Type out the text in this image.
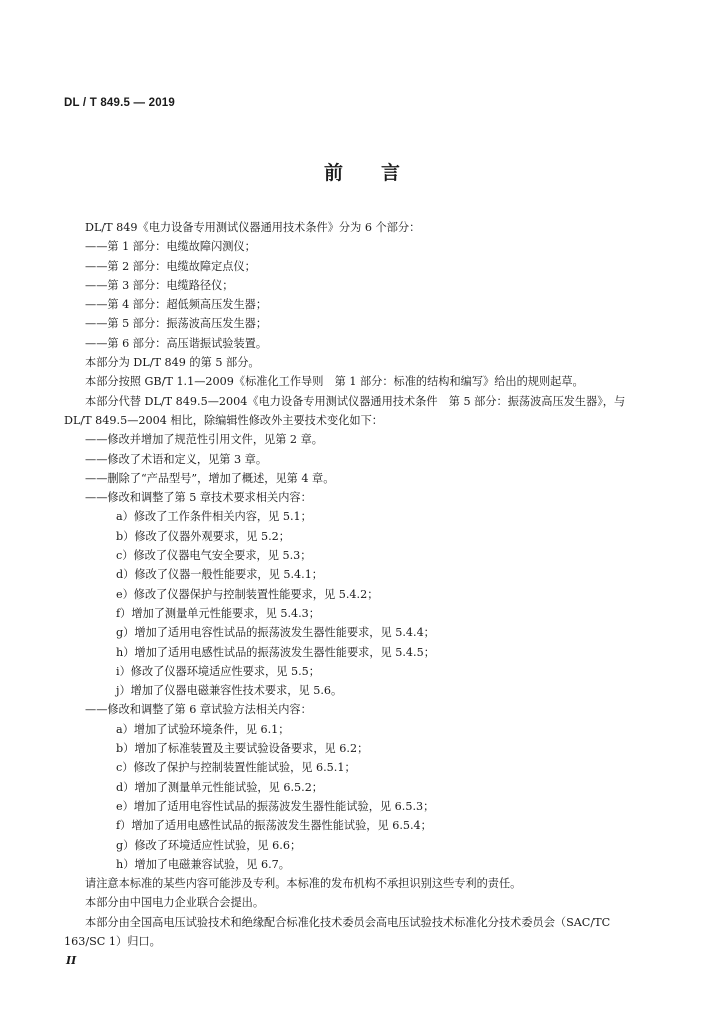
DL / T 849.5 — 2019
前 言
DL/T 849《电力设备专用测试仪器通用技术条件》分为 6 个部分：
——第 1 部分：电缆故障闪测仪；
——第 2 部分：电缆故障定点仪；
——第 3 部分：电缆路径仪；
——第 4 部分：超低频高压发生器；
——第 5 部分：振荡波高压发生器；
——第 6 部分：高压谐振试验装置。
本部分为 DL/T 849 的第 5 部分。
本部分按照 GB/T 1.1—2009《标准化工作导则　第 1 部分：标准的结构和编写》给出的规则起草。
本部分代替 DL/T 849.5—2004《电力设备专用测试仪器通用技术条件　第 5 部分：振荡波高压发生器》，与 DL/T 849.5—2004 相比，除编辑性修改外主要技术变化如下：
——修改并增加了规范性引用文件，见第 2 章。
——修改了术语和定义，见第 3 章。
——删除了“产品型号”，增加了概述，见第 4 章。
——修改和调整了第 5 章技术要求相关内容：
a）修改了工作条件相关内容，见 5.1；
b）修改了仪器外观要求，见 5.2；
c）修改了仪器电气安全要求，见 5.3；
d）修改了仪器一般性能要求，见 5.4.1；
e）修改了仪器保护与控制装置性能要求，见 5.4.2；
f）增加了测量单元性能要求，见 5.4.3；
g）增加了适用电容性试品的振荡波发生器性能要求，见 5.4.4；
h）增加了适用电感性试品的振荡波发生器性能要求，见 5.4.5；
i）修改了仪器环境适应性要求，见 5.5；
j）增加了仪器电磁兼容性技术要求，见 5.6。
——修改和调整了第 6 章试验方法相关内容：
a）增加了试验环境条件，见 6.1；
b）增加了标准装置及主要试验设备要求，见 6.2；
c）修改了保护与控制装置性能试验，见 6.5.1；
d）增加了测量单元性能试验，见 6.5.2；
e）增加了适用电容性试品的振荡波发生器性能试验，见 6.5.3；
f）增加了适用电感性试品的振荡波发生器性能试验，见 6.5.4；
g）修改了环境适应性试验，见 6.6；
h）增加了电磁兼容试验，见 6.7。
请注意本标准的某些内容可能涉及专利。本标准的发布机构不承担识别这些专利的责任。
本部分由中国电力企业联合会提出。
本部分由全国高电压试验技术和绝缘配合标准化技术委员会高电压试验技术标准化分技术委员会（SAC/TC 163/SC 1）归口。
II
